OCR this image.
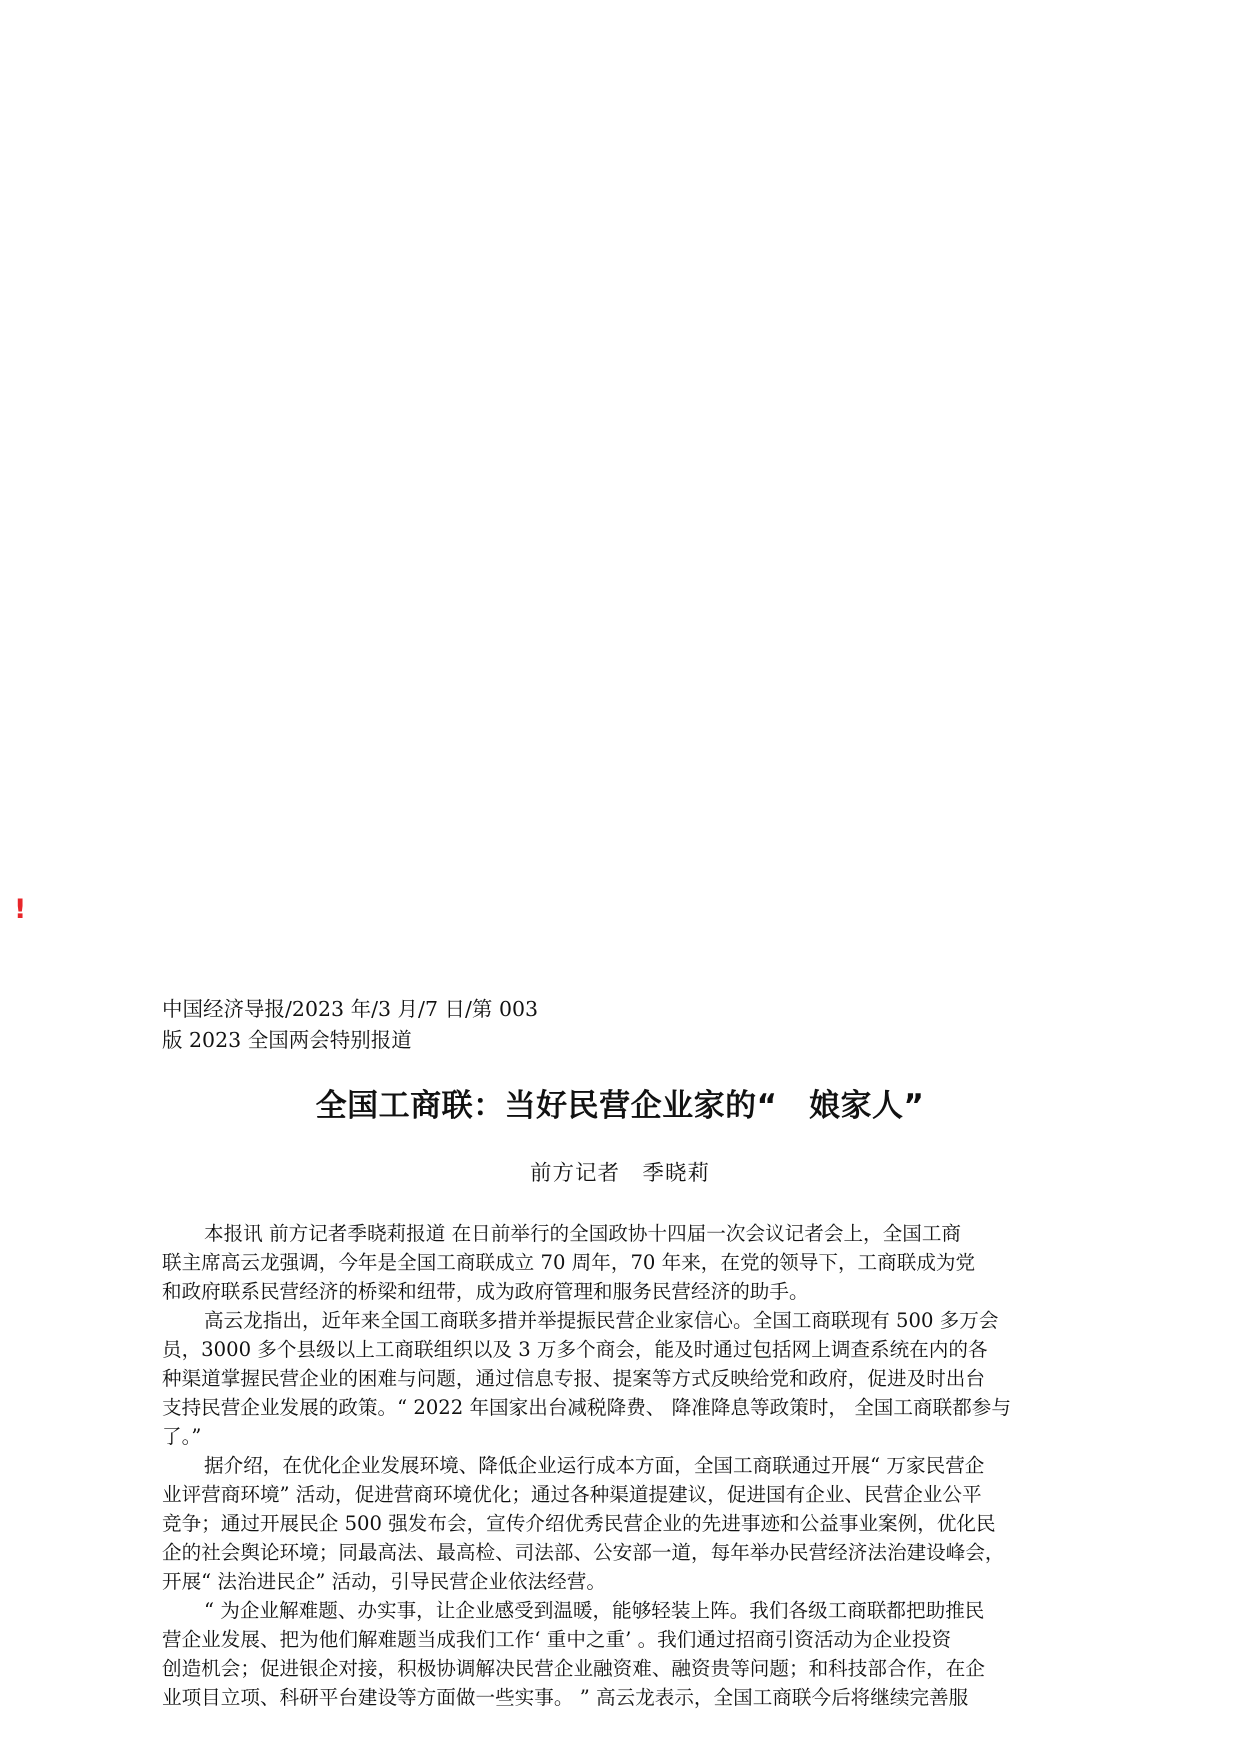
!

中国经济导报/2023 年/3 月/7 日/第 003
版 2023 全国两会特别报道
全国工商联：当好民营企业家的“　娘家人”

前方记者　季晓莉

本报讯 前方记者季晓莉报道 在日前举行的全国政协十四届一次会议记者会上，全国工商
联主席高云龙强调，今年是全国工商联成立 70 周年，70 年来，在党的领导下，工商联成为党
和政府联系民营经济的桥梁和纽带，成为政府管理和服务民营经济的助手。
高云龙指出，近年来全国工商联多措并举提振民营企业家信心。全国工商联现有 500 多万会
员，3000 多个县级以上工商联组织以及 3 万多个商会，能及时通过包括网上调查系统在内的各
种渠道掌握民营企业的困难与问题，通过信息专报、提案等方式反映给党和政府，促进及时出台
支持民营企业发展的政策。“ 2022 年国家出台减税降费、 降准降息等政策时， 全国工商联都参与
了。”
据介绍，在优化企业发展环境、降低企业运行成本方面，全国工商联通过开展“ 万家民营企
业评营商环境” 活动，促进营商环境优化；通过各种渠道提建议，促进国有企业、民营企业公平
竞争；通过开展民企 500 强发布会，宣传介绍优秀民营企业的先进事迹和公益事业案例，优化民
企的社会舆论环境；同最高法、最高检、司法部、公安部一道，每年举办民营经济法治建设峰会，
开展“ 法治进民企” 活动，引导民营企业依法经营。
“ 为企业解难题、办实事，让企业感受到温暖，能够轻装上阵。我们各级工商联都把助推民
营企业发展、把为他们解难题当成我们工作‘ 重中之重’ 。我们通过招商引资活动为企业投资
创造机会；促进银企对接，积极协调解决民营企业融资难、融资贵等问题；和科技部合作，在企
业项目立项、科研平台建设等方面做一些实事。 ” 高云龙表示，全国工商联今后将继续完善服
